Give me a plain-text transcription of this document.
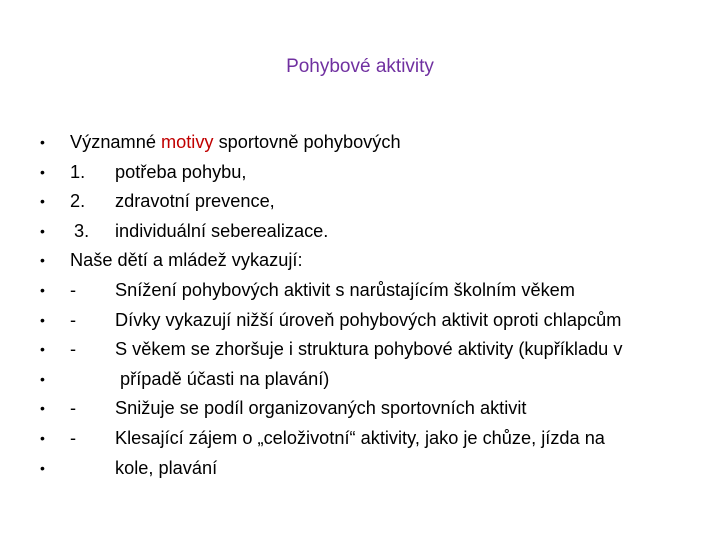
Pohybové aktivity
• Významné motivy sportovně pohybových
• 1. potřeba pohybu,
• 2. zdravotní prevence,
• 3. individuální seberealizace.
• Naše dětí a mládež vykazují:
• - Snížení pohybových aktivit s narůstajícím školním věkem
• - Dívky vykazují nižší úroveň pohybových aktivit oproti chlapcům
• - S věkem se zhoršuje i struktura pohybové aktivity (kupříkladu v
•	případě účasti na plavání)
• - Snižuje se podíl organizovaných sportovních aktivit
• - Klesající zájem o „celoživotní“ aktivity, jako je chůze, jízda na
•	kole, plavání
